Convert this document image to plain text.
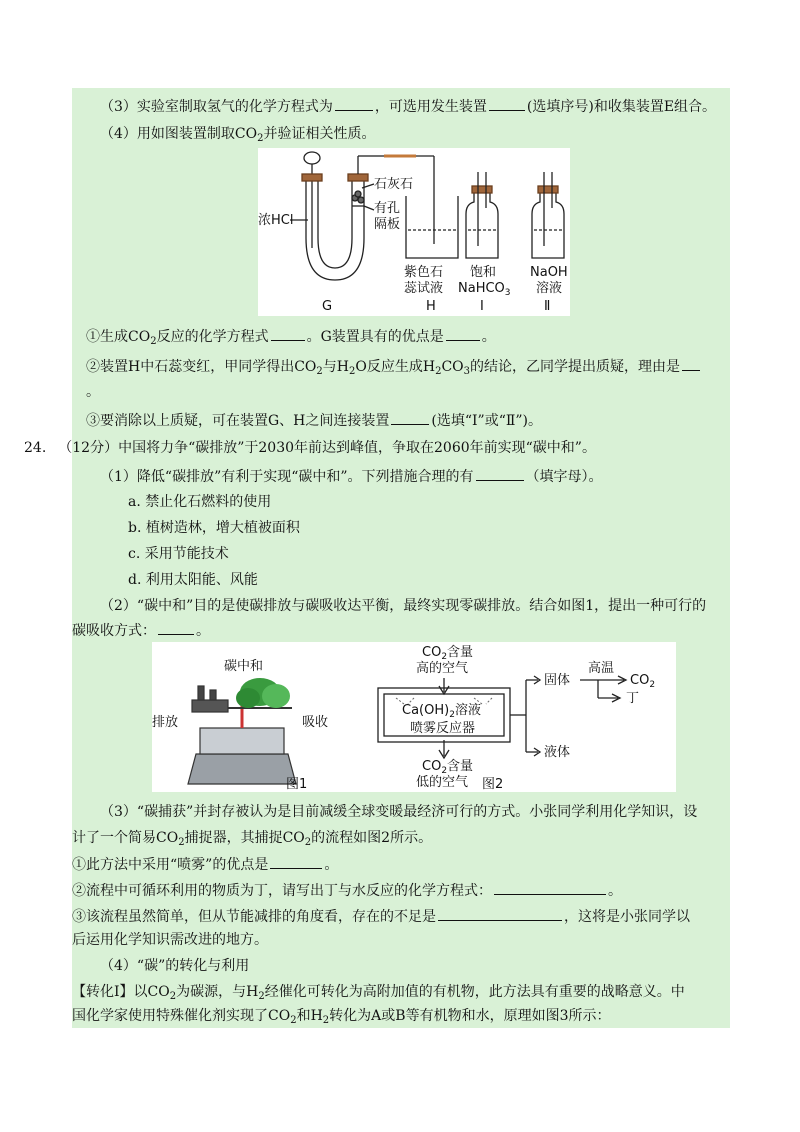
（3）实验室制取氢气的化学方程式为	，可选用发生装置	(选填序号)和收集装置E组合。
（4）用如图装置制取$CO_2$并验证相关性质。
浓HCl
石灰石
有孔
隔板
紫色石
蕊试液
饱和
NaHCO$_3$
NaOH
溶液
G	H	Ⅰ	Ⅱ
①生成$CO_2$反应的化学方程式	。G装置具有的优点是	。
②装置H中石蕊变红，甲同学得出$CO_2$与$H_2O$反应生成$H_2CO_3$的结论，乙同学提出质疑，理由是
。
③要消除以上质疑，可在装置G、H之间连接装置	(选填“Ⅰ”或“Ⅱ”)。
24. （12分）中国将力争“碳排放”于2030年前达到峰值，争取在2060年前实现“碳中和”。
（1）降低“碳排放”有利于实现“碳中和”。下列措施合理的有	（填字母）。
a. 禁止化石燃料的使用
b. 植树造林，增大植被面积
c. 采用节能技术
d. 利用太阳能、风能
（2）“碳中和”目的是使碳排放与碳吸收达平衡，最终实现零碳排放。结合如图1，提出一种可行的
碳吸收方式：	。
碳中和
排放	吸收
图1
$CO_2$含量
高的空气
$Ca(OH)_2$溶液
喷雾反应器
$CO_2$含量
低的空气
固体
液体
高温
$CO_2$
丁
图2
（3）“碳捕获”并封存被认为是目前减缓全球变暖最经济可行的方式。小张同学利用化学知识，设
计了一个简易$CO_2$捕捉器，其捕捉$CO_2$的流程如图2所示。
①此方法中采用“喷雾”的优点是	。
②流程中可循环利用的物质为丁，请写出丁与水反应的化学方程式：	。
③该流程虽然简单，但从节能减排的角度看，存在的不足是	，这将是小张同学以
后运用化学知识需改进的地方。
（4）“碳”的转化与利用
【转化Ⅰ】以$CO_2$为碳源，与$H_2$经催化可转化为高附加值的有机物，此方法具有重要的战略意义。中
国化学家使用特殊催化剂实现了$CO_2$和$H_2$转化为A或B等有机物和水，原理如图3所示：
